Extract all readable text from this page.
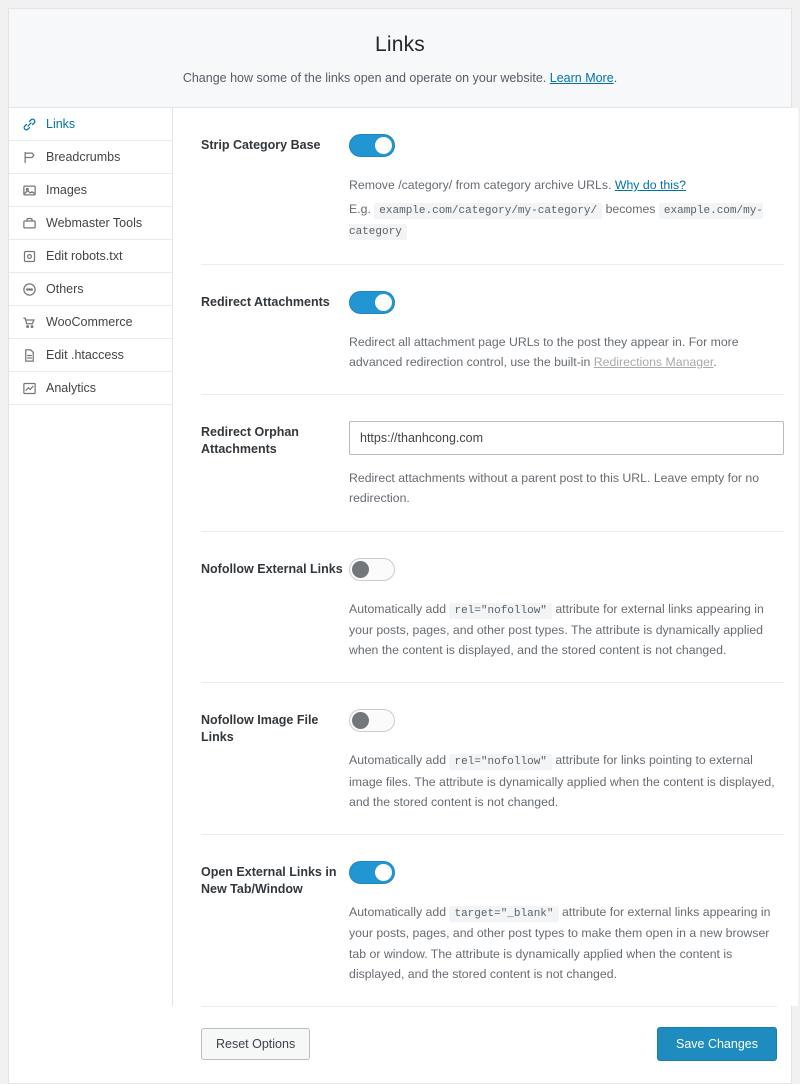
Links
Change how some of the links open and operate on your website. Learn More.
Links
Breadcrumbs
Images
Webmaster Tools
Edit robots.txt
Others
WooCommerce
Edit .htaccess
Analytics
Strip Category Base
Remove /category/ from category archive URLs. Why do this?
E.g. example.com/category/my-category/ becomes example.com/my-category
Redirect Attachments
Redirect all attachment page URLs to the post they appear in. For more advanced redirection control, use the built-in Redirections Manager.
Redirect Orphan Attachments
https://thanhcong.com
Redirect attachments without a parent post to this URL. Leave empty for no redirection.
Nofollow External Links
Automatically add rel="nofollow" attribute for external links appearing in your posts, pages, and other post types. The attribute is dynamically applied when the content is displayed, and the stored content is not changed.
Nofollow Image File Links
Automatically add rel="nofollow" attribute for links pointing to external image files. The attribute is dynamically applied when the content is displayed, and the stored content is not changed.
Open External Links in New Tab/Window
Automatically add target="_blank" attribute for external links appearing in your posts, pages, and other post types to make them open in a new browser tab or window. The attribute is dynamically applied when the content is displayed, and the stored content is not changed.
Reset Options	Save Changes
